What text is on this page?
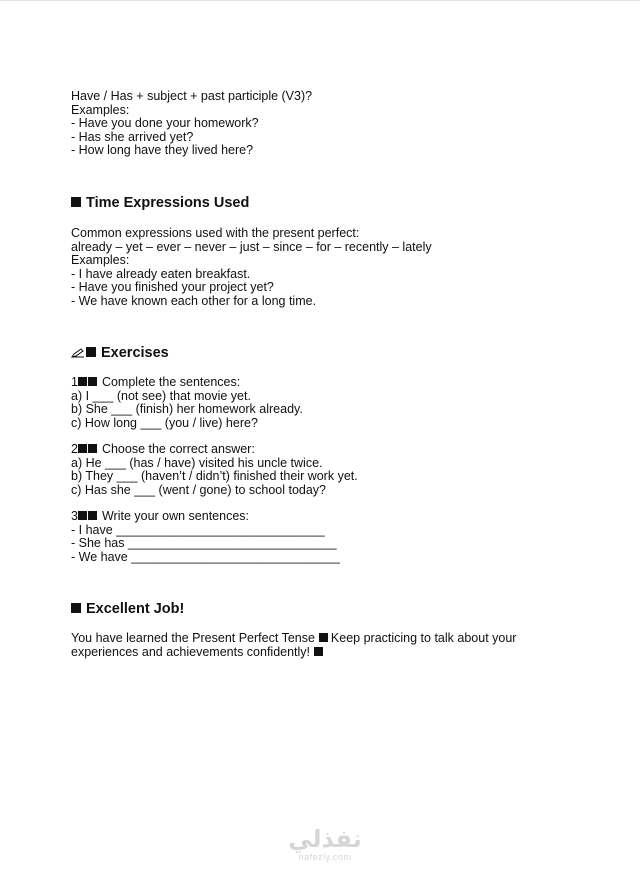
Have / Has + subject + past participle (V3)?
Examples:
- Have you done your homework?
- Has she arrived yet?
- How long have they lived here?
Time Expressions Used
Common expressions used with the present perfect:
already – yet – ever – never – just – since – for – recently – lately
Examples:
- I have already eaten breakfast.
- Have you finished your project yet?
- We have known each other for a long time.
Exercises
1 Complete the sentences:
a) I ___ (not see) that movie yet.
b) She ___ (finish) her homework already.
c) How long ___ (you / live) here?
2 Choose the correct answer:
a) He ___ (has / have) visited his uncle twice.
b) They ___ (haven’t / didn’t) finished their work yet.
c) Has she ___ (went / gone) to school today?
3 Write your own sentences:
- I have ______________________________
- She has ______________________________
- We have ______________________________
Excellent Job!
You have learned the Present Perfect Tense Keep practicing to talk about your
experiences and achievements confidently!
نفذلي
nafezly.com
